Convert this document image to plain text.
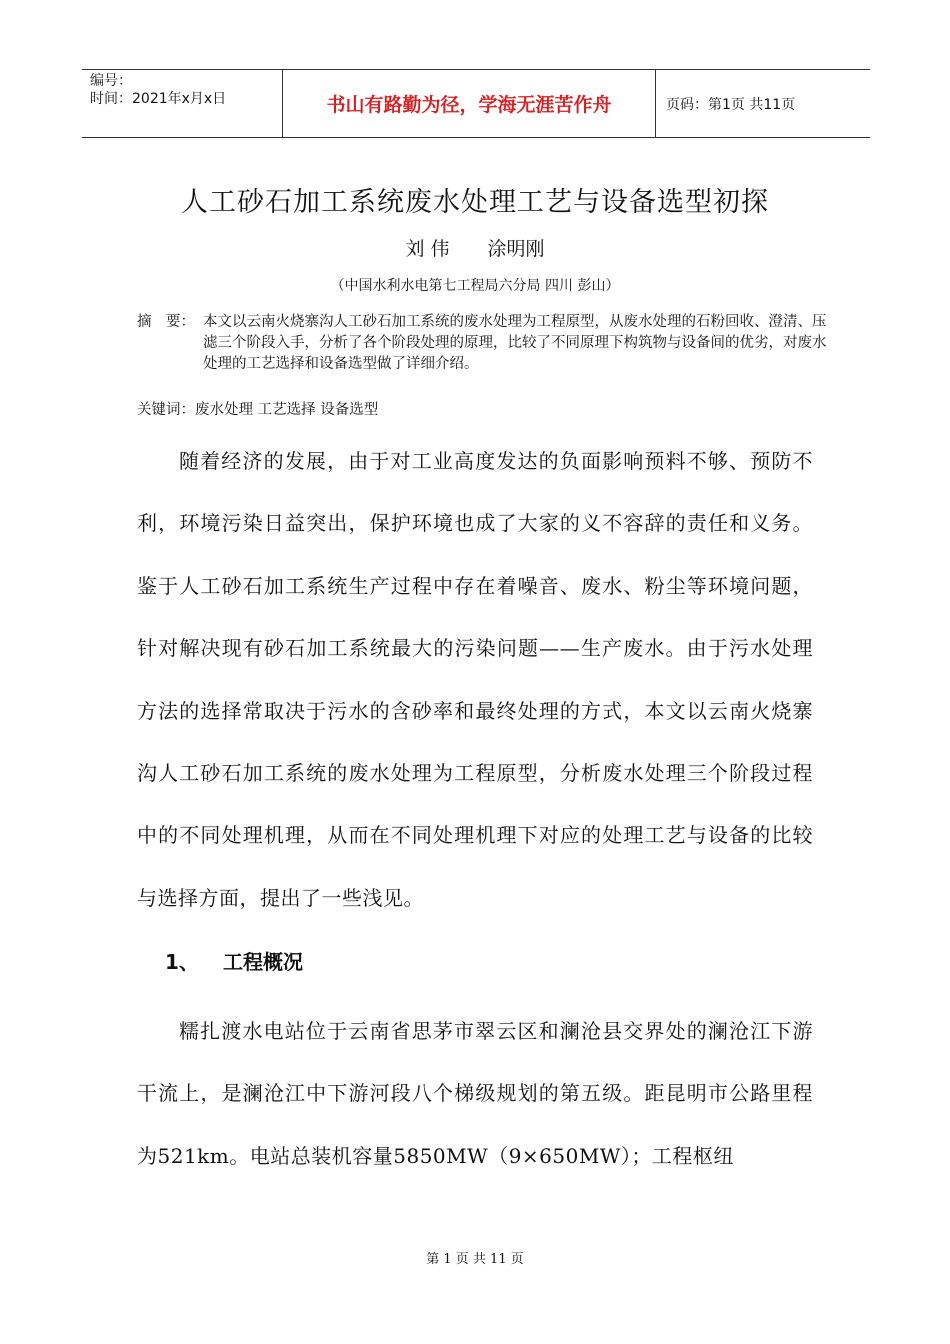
编号：
时间：2021年x月x日	书山有路勤为径，学海无涯苦作舟	页码：第1页 共11页
人工砂石加工系统废水处理工艺与设备选型初探
刘 伟 涂明刚
（中国水利水电第七工程局六分局 四川 彭山）
摘　要： 本文以云南火烧寨沟人工砂石加工系统的废水处理为工程原型，从废水处理的石粉回收、澄清、压滤三个阶段入手，分析了各个阶段处理的原理，比较了不同原理下构筑物与设备间的优劣，对废水处理的工艺选择和设备选型做了详细介绍。
关键词：废水处理 工艺选择 设备选型
随着经济的发展，由于对工业高度发达的负面影响预料不够、预防不利，环境污染日益突出，保护环境也成了大家的义不容辞的责任和义务。鉴于人工砂石加工系统生产过程中存在着噪音、废水、粉尘等环境问题，针对解决现有砂石加工系统最大的污染问题——生产废水。由于污水处理方法的选择常取决于污水的含砂率和最终处理的方式，本文以云南火烧寨沟人工砂石加工系统的废水处理为工程原型，分析废水处理三个阶段过程中的不同处理机理，从而在不同处理机理下对应的处理工艺与设备的比较与选择方面，提出了一些浅见。
1、 工程概况
糯扎渡水电站位于云南省思茅市翠云区和澜沧县交界处的澜沧江下游干流上，是澜沧江中下游河段八个梯级规划的第五级。距昆明市公路里程为521km。电站总装机容量5850MW（9×650MW）；工程枢纽
第 1 页 共 11 页
